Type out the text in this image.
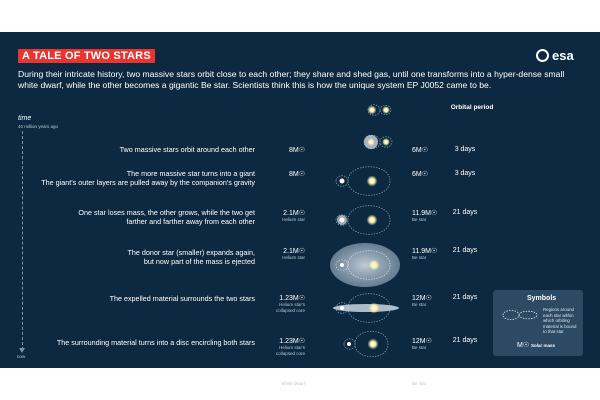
A TALE OF TWO STARS	esa
During their intricate history, two massive stars orbit close to each other; they share and shed gas, until one transforms into a hyper-dense small white dwarf, while the other becomes a gigantic Be star. Scientists think this is how the unique system EP J0052 came to be.
time
40 million years ago
now
Orbital period
Two massive stars orbit around each other
The more massive star turns into a giant
The giant's outer layers are pulled away by the companion's gravity
One star loses mass, the other grows, while the two get
farther and farther away from each other
The donor star (smaller) expands again,
but now part of the mass is ejected
The expelled material surrounds the two stars
The surrounding material turns into a disc encircling both stars
The disc is expelled while the two stars get closer
8M☉
8M☉
2.1M☉
Helium star
2.1M☉
Helium star
1.23M☉
Helium star's
collapsed core
1.23M☉
Helium star's
collapsed core
1.23M☉
White dwarf
6M☉
6M☉
11.9M☉
Be star
11.9M☉
Be star
12M☉
Be star
12M☉
Be star
12M☉
Be star
3 days
3 days
21 days
21 days
21 days
21 days
17 days
Symbols
Regions around each star within which orbiting material is bound to that star
M☉ Solar mass
